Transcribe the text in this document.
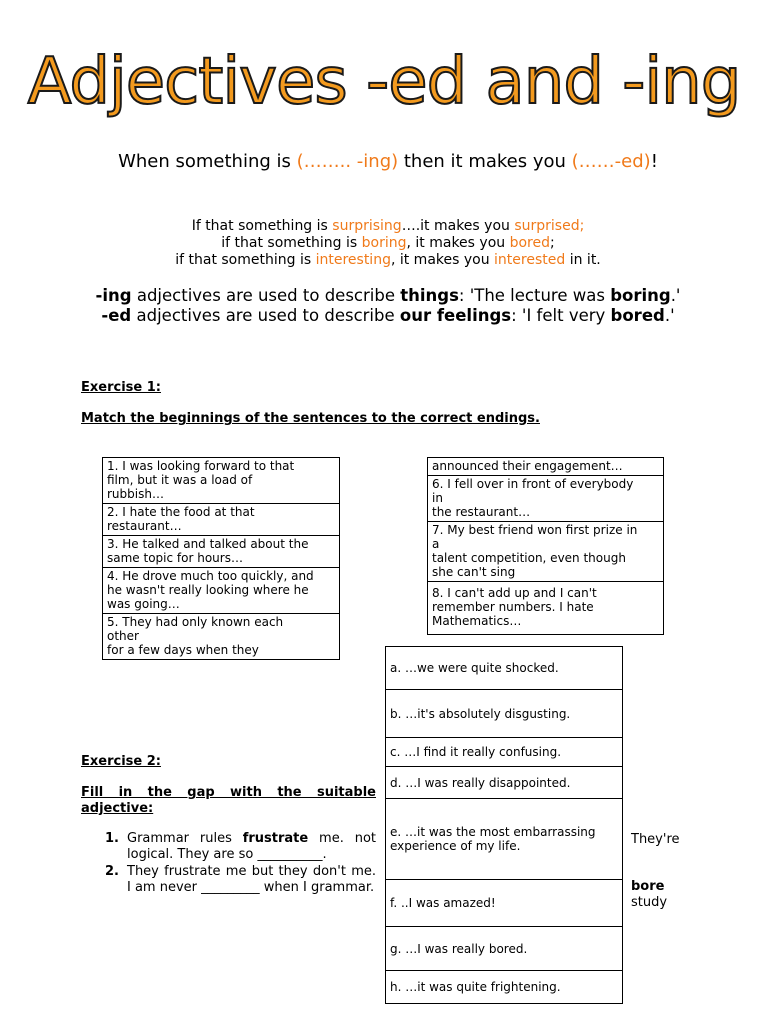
Adjectives -ed and -ing
When something is (…….. -ing) then it makes you (……-ed)!
If that something is surprising….it makes you surprised;
if that something is boring, it makes you bored;
if that something is interesting, it makes you interested in it.
-ing adjectives are used to describe things: 'The lecture was boring.'
-ed adjectives are used to describe our feelings: 'I felt very bored.'
Exercise 1:
Match the beginnings of the sentences to the correct endings.
1. I was looking forward to that
film, but it was a load of
rubbish…

2. I hate the food at that
restaurant…

3. He talked and talked about the
same topic for hours…

4. He drove much too quickly, and
he wasn't really looking where he
was going…

5. They had only known each
other
for a few days when they
announced their engagement…

6. I fell over in front of everybody
in
the restaurant…

7. My best friend won first prize in
a
talent competition, even though
she can't sing

8. I can't add up and I can't
remember numbers. I hate
Mathematics…
a. …we were quite shocked.
b. …it's absolutely disgusting.
c. …I find it really confusing.
d. …I was really disappointed.
e. …it was the most embarrassing experience of my life.
f. ..I was amazed!
g. …I was really bored.
h. …it was quite frightening.
Exercise 2:
Fill in the gap with the suitable adjective:
1. Grammar rules frustrate me. not logical. They are so __________.
2. They frustrate me but they don't me. I am never _________ when I grammar.
They're
bore
study
